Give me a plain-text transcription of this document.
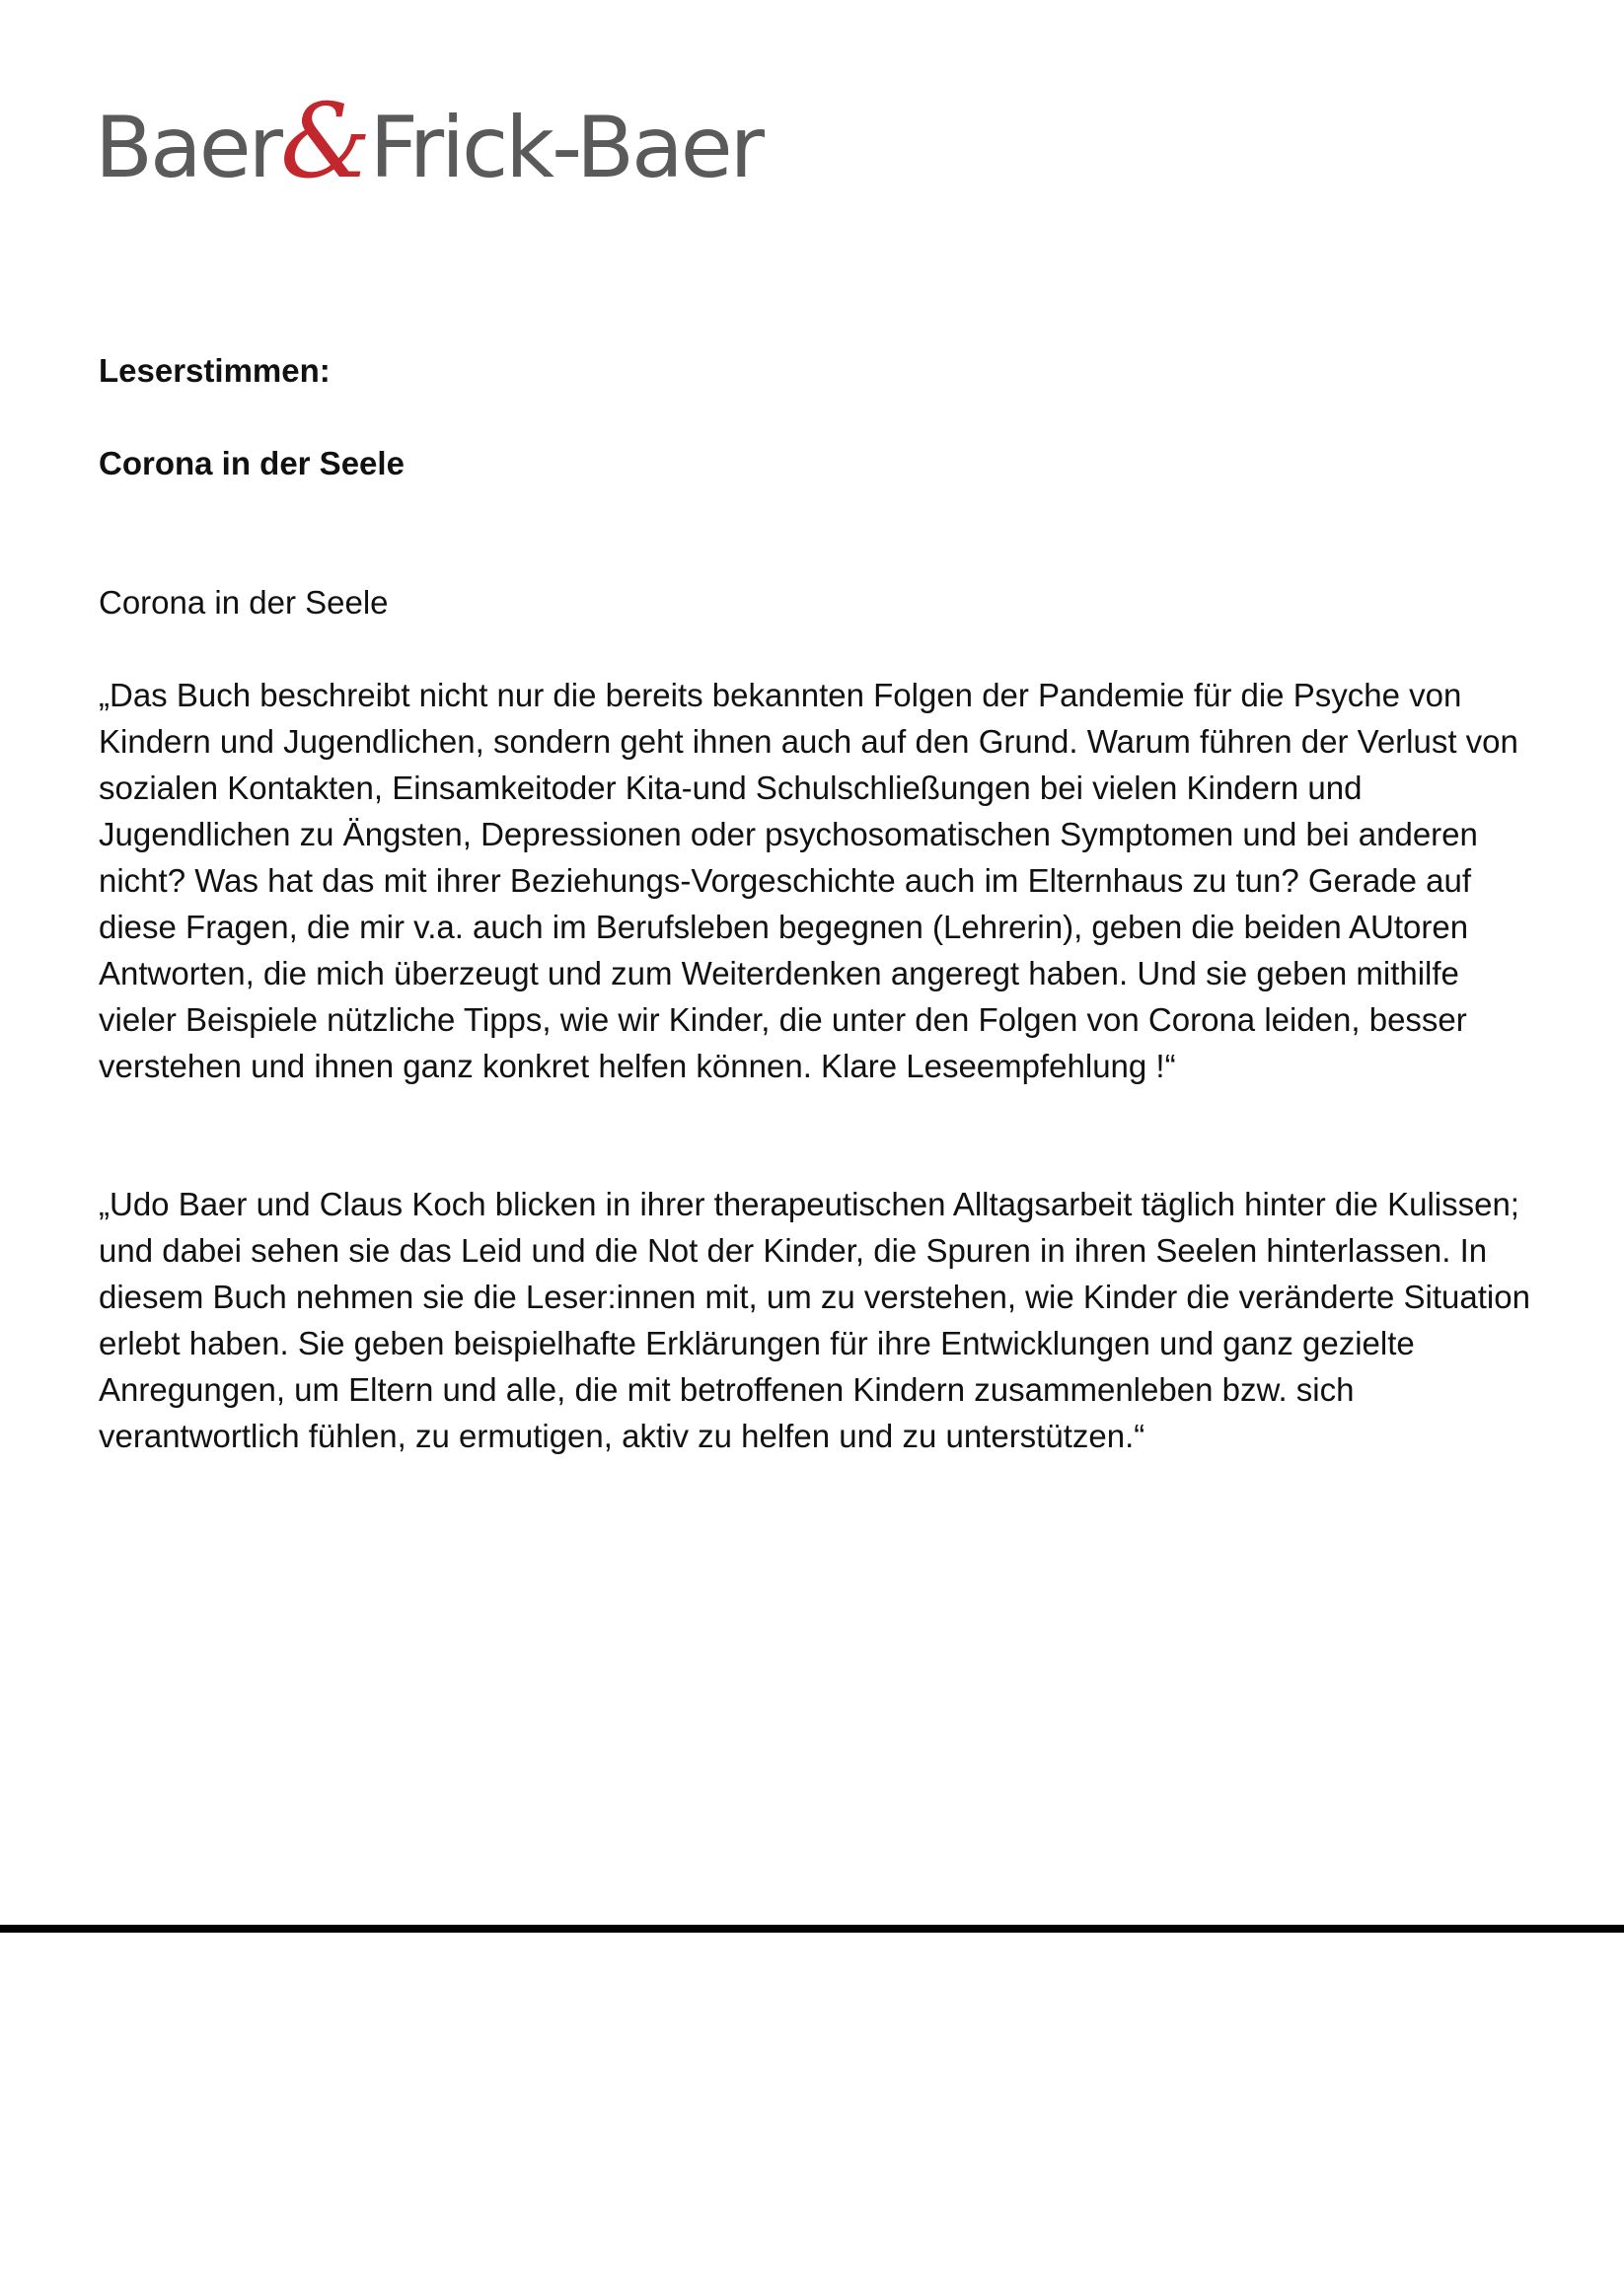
Baer & Frick-Baer
Leserstimmen:
Corona in der Seele
Corona in der Seele

„Das Buch beschreibt nicht nur die bereits bekannten Folgen der Pandemie für die Psyche von Kindern und Jugendlichen, sondern geht ihnen auch auf den Grund. Warum führen der Verlust von sozialen Kontakten, Einsamkeitoder Kita-und Schulschließungen bei vielen Kindern und Jugendlichen zu Ängsten, Depressionen oder psychosomatischen Symptomen und bei anderen nicht? Was hat das mit ihrer Beziehungs-Vorgeschichte auch im Elternhaus zu tun? Gerade auf diese Fragen, die mir v.a. auch im Berufsleben begegnen (Lehrerin), geben die beiden AUtoren Antworten, die mich überzeugt und zum Weiterdenken angeregt haben. Und sie geben mithilfe vieler Beispiele nützliche Tipps, wie wir Kinder, die unter den Folgen von Corona leiden, besser verstehen und ihnen ganz konkret helfen können. Klare Leseempfehlung !“

„Udo Baer und Claus Koch blicken in ihrer therapeutischen Alltagsarbeit täglich hinter die Kulissen; und dabei sehen sie das Leid und die Not der Kinder, die Spuren in ihren Seelen hinterlassen. In diesem Buch nehmen sie die Leser:innen mit, um zu verstehen, wie Kinder die veränderte Situation erlebt haben. Sie geben beispielhafte Erklärungen für ihre Entwicklungen und ganz gezielte Anregungen, um Eltern und alle, die mit betroffenen Kindern zusammenleben bzw. sich verantwortlich fühlen, zu ermutigen, aktiv zu helfen und zu unterstützen.“
